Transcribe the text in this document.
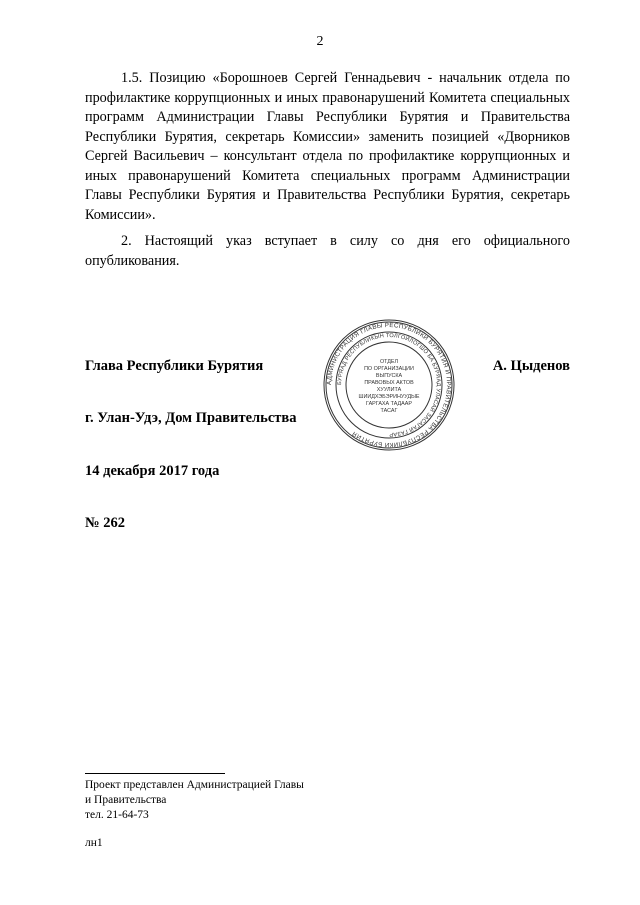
2

1.5. Позицию «Борошноев Сергей Геннадьевич - начальник отдела по профилактике коррупционных и иных правонарушений Комитета специальных программ Администрации Главы Республики Бурятия и Правительства Республики Бурятия, секретарь Комиссии» заменить позицией «Дворников Сергей Васильевич – консультант отдела по профилактике коррупционных и иных правонарушений Комитета специальных программ Администрации Главы Республики Бурятия и Правительства Республики Бурятия, секретарь Комиссии».

2. Настоящий указ вступает в силу со дня его официального опубликования.

Глава Республики Бурятия	А. Цыденов
АДМИНИСТРАЦИЯ ГЛАВЫ РЕСПУБЛИКИ БУРЯТИЯ И ПРАВИТЕЛЬСТВА РЕСПУБЛИКИ БУРЯТИЯ
БУРЯАД РЕСПУБЛИКЫН ТОЛГОЙЛОГШО БА БУРЯАД УЛАСАЙ ЗАСАГАЙ ГАЗАР
ОТДЕЛ
ПО ОРГАНИЗАЦИИ
ВЫПУСКА
ПРАВОВЫХ АКТОВ
ХУУЛИТА
ШИИДХЭБЭРИНУУДЫЕ
ГАРГАХА ТАДААР
ТАСАГ
г. Улан-Удэ, Дом Правительства
14 декабря 2017 года
№ 262
Проект представлен Администрацией Главы
и Правительства
тел. 21-64-73
лн1
